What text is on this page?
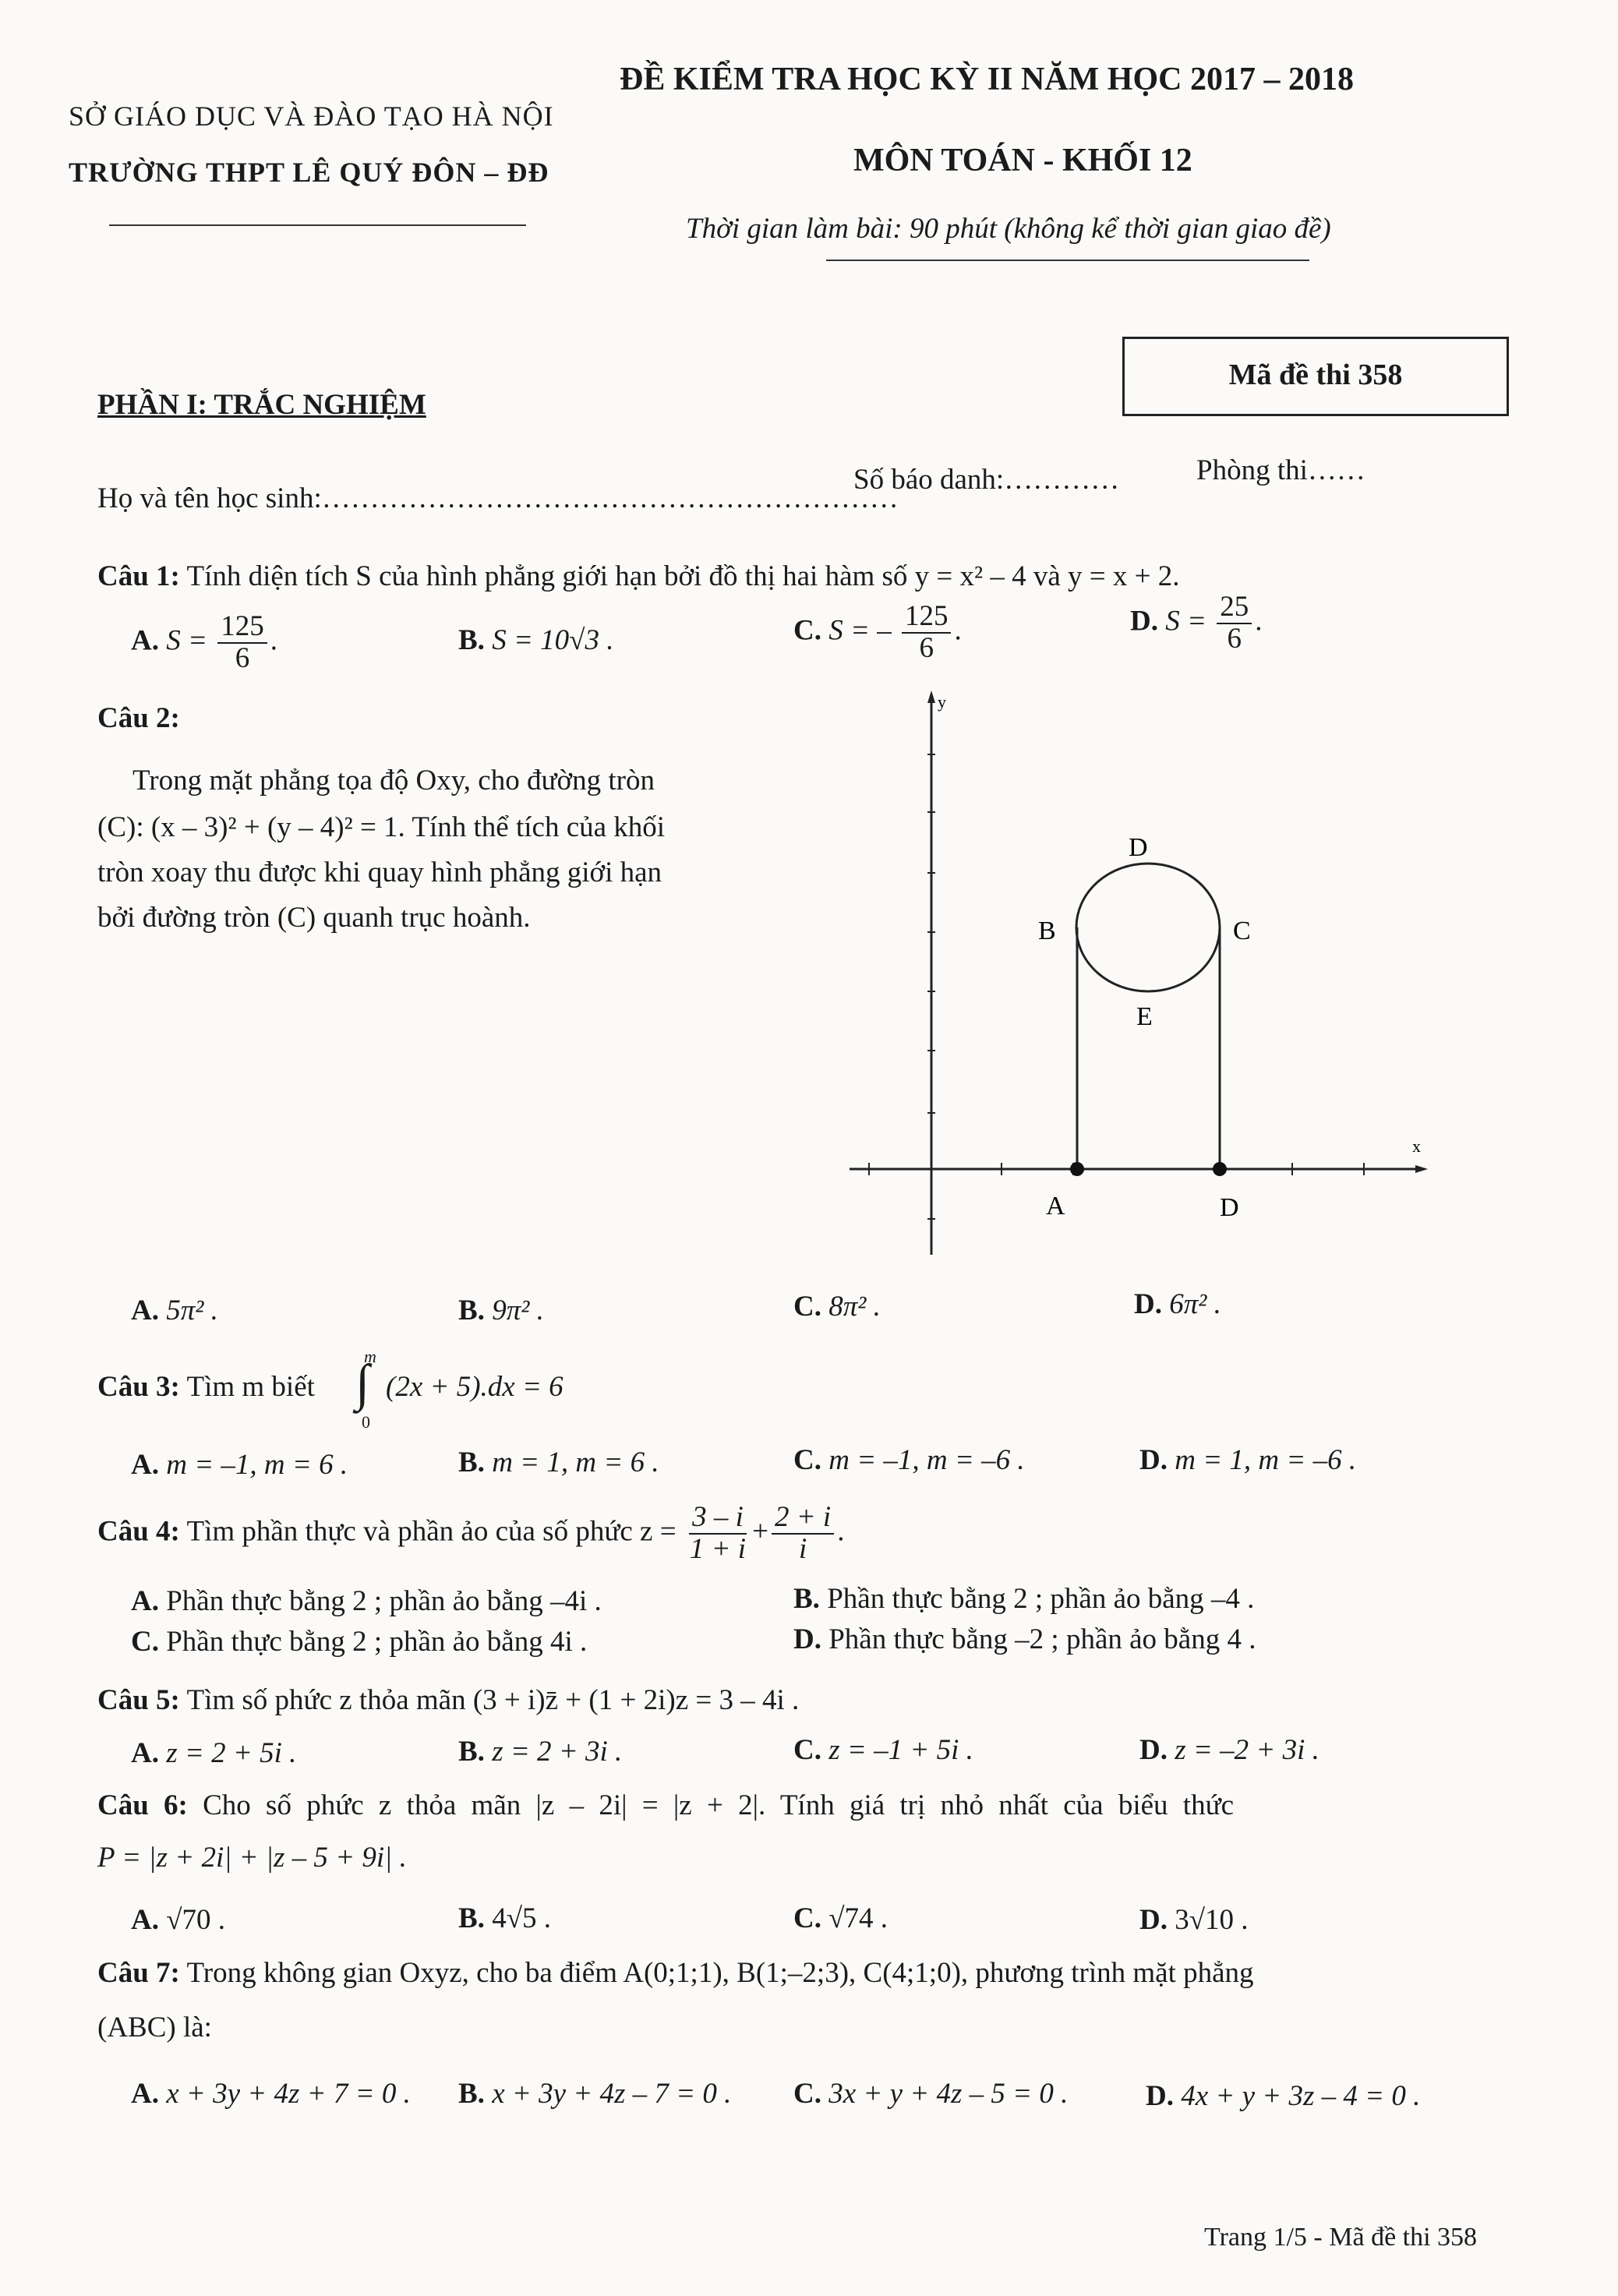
SỞ GIÁO DỤC VÀ ĐÀO TẠO HÀ NỘI
TRƯỜNG THPT LÊ QUÝ ĐÔN – ĐĐ
ĐỀ KIỂM TRA HỌC KỲ II NĂM HỌC 2017 – 2018
MÔN TOÁN - KHỐI 12
Thời gian làm bài: 90 phút (không kể thời gian giao đề)
PHẦN I: TRẮC NGHIỆM
Mã đề thi 358
Họ và tên học sinh:……………………………………………………
Số báo danh:…………	Phòng thi……
Câu 1: Tính diện tích S của hình phẳng giới hạn bởi đồ thị hai hàm số y = x² – 4 và y = x + 2.
A. $S = \frac{125}{6}$ .	B. S = 10√3 .	C. S = – $\frac{125}{6}$ .	D. $S = \frac{25}{6}$ .
Câu 2:
Trong mặt phẳng tọa độ Oxy, cho đường tròn
(C): (x – 3)² + (y – 4)² = 1. Tính thể tích của khối
tròn xoay thu được khi quay hình phẳng giới hạn
bởi đường tròn (C) quanh trục hoành.
y
x
D
B	C
E
A	D
A. 5π² .	B. 9π² .	C. 8π² .	D. 6π² .
Câu 3: Tìm m biết
m
∫
0
(2x + 5).dx = 6
A. m = –1, m = 6 .	B. m = 1, m = 6 .	C. m = –1, m = –6 .	D. m = 1, m = –6 .
Câu 4: Tìm phần thực và phần ảo của số phức $z = \frac{3 - i}{1 + i} + \frac{2 + i}{i}$ .
A. Phần thực bằng 2 ; phần ảo bằng –4i .	B. Phần thực bằng 2 ; phần ảo bằng –4 .
C. Phần thực bằng 2 ; phần ảo bằng 4i .	D. Phần thực bằng –2 ; phần ảo bằng 4 .
Câu 5: Tìm số phức z thỏa mãn (3 + i)z̄ + (1 + 2i)z = 3 – 4i .
A. z = 2 + 5i .	B. z = 2 + 3i .	C. z = –1 + 5i .	D. z = –2 + 3i .
Câu 6: Cho số phức z thỏa mãn |z – 2i| = |z + 2|. Tính giá trị nhỏ nhất của biểu thức
P = |z + 2i| + |z – 5 + 9i| .
A. √70 .	B. 4√5 .	C. √74 .	D. 3√10 .
Câu 7: Trong không gian Oxyz, cho ba điểm A(0;1;1), B(1;–2;3), C(4;1;0), phương trình mặt phẳng
(ABC) là:
A. x + 3y + 4z + 7 = 0 . B. x + 3y + 4z – 7 = 0 . C. 3x + y + 4z – 5 = 0 .	D. 4x + y + 3z – 4 = 0 .
Trang 1/5 - Mã đề thi 358
